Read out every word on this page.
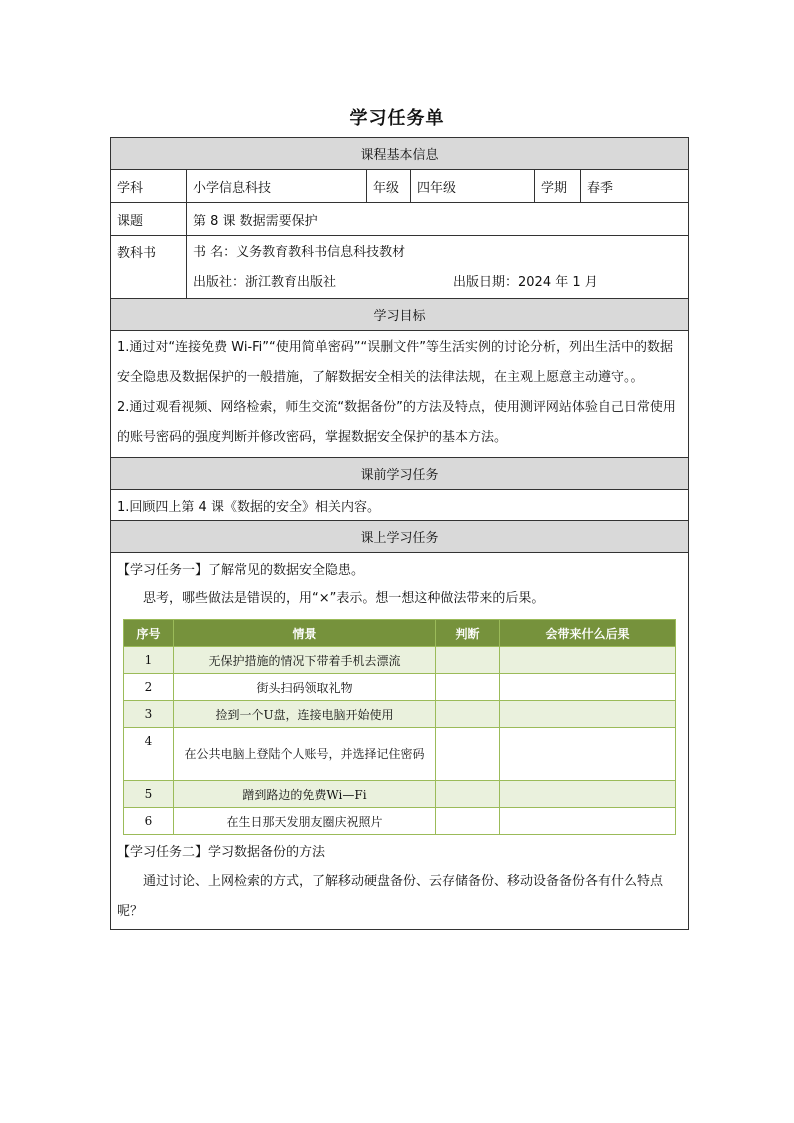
学习任务单
课程基本信息
学科	小学信息科技	年级	四年级	学期	春季
课题	第 8 课 数据需要保护
教科书	书 名：义务教育教科书信息科技教材
出版社：浙江教育出版社	出版日期：2024 年 1 月

学习目标

1.通过对“连接免费 Wi-Fi”“使用简单密码”“误删文件”等生活实例的讨论分析，列出生活中的数据安全隐患及数据保护的一般措施，了解数据安全相关的法律法规，在主观上愿意主动遵守。。
2.通过观看视频、网络检索，师生交流“数据备份”的方法及特点，使用测评网站体验自己日常使用的账号密码的强度判断并修改密码，掌握数据安全保护的基本方法。

课前学习任务
1.回顾四上第 4 课《数据的安全》相关内容。
课上学习任务

【学习任务一】了解常见的数据安全隐患。
思考，哪些做法是错误的，用“×”表示。想一想这种做法带来的后果。
序号	情景	判断	会带来什么后果
1	无保护措施的情况下带着手机去漂流		
2	街头扫码领取礼物		
3	捡到一个U盘，连接电脑开始使用		
4	在公共电脑上登陆个人账号，并选择记住密码		
5	蹭到路边的免费Wi—Fi		
6	在生日那天发朋友圈庆祝照片		
【学习任务二】学习数据备份的方法
通过讨论、上网检索的方式，了解移动硬盘备份、云存储备份、移动设备备份各有什么特点呢？
